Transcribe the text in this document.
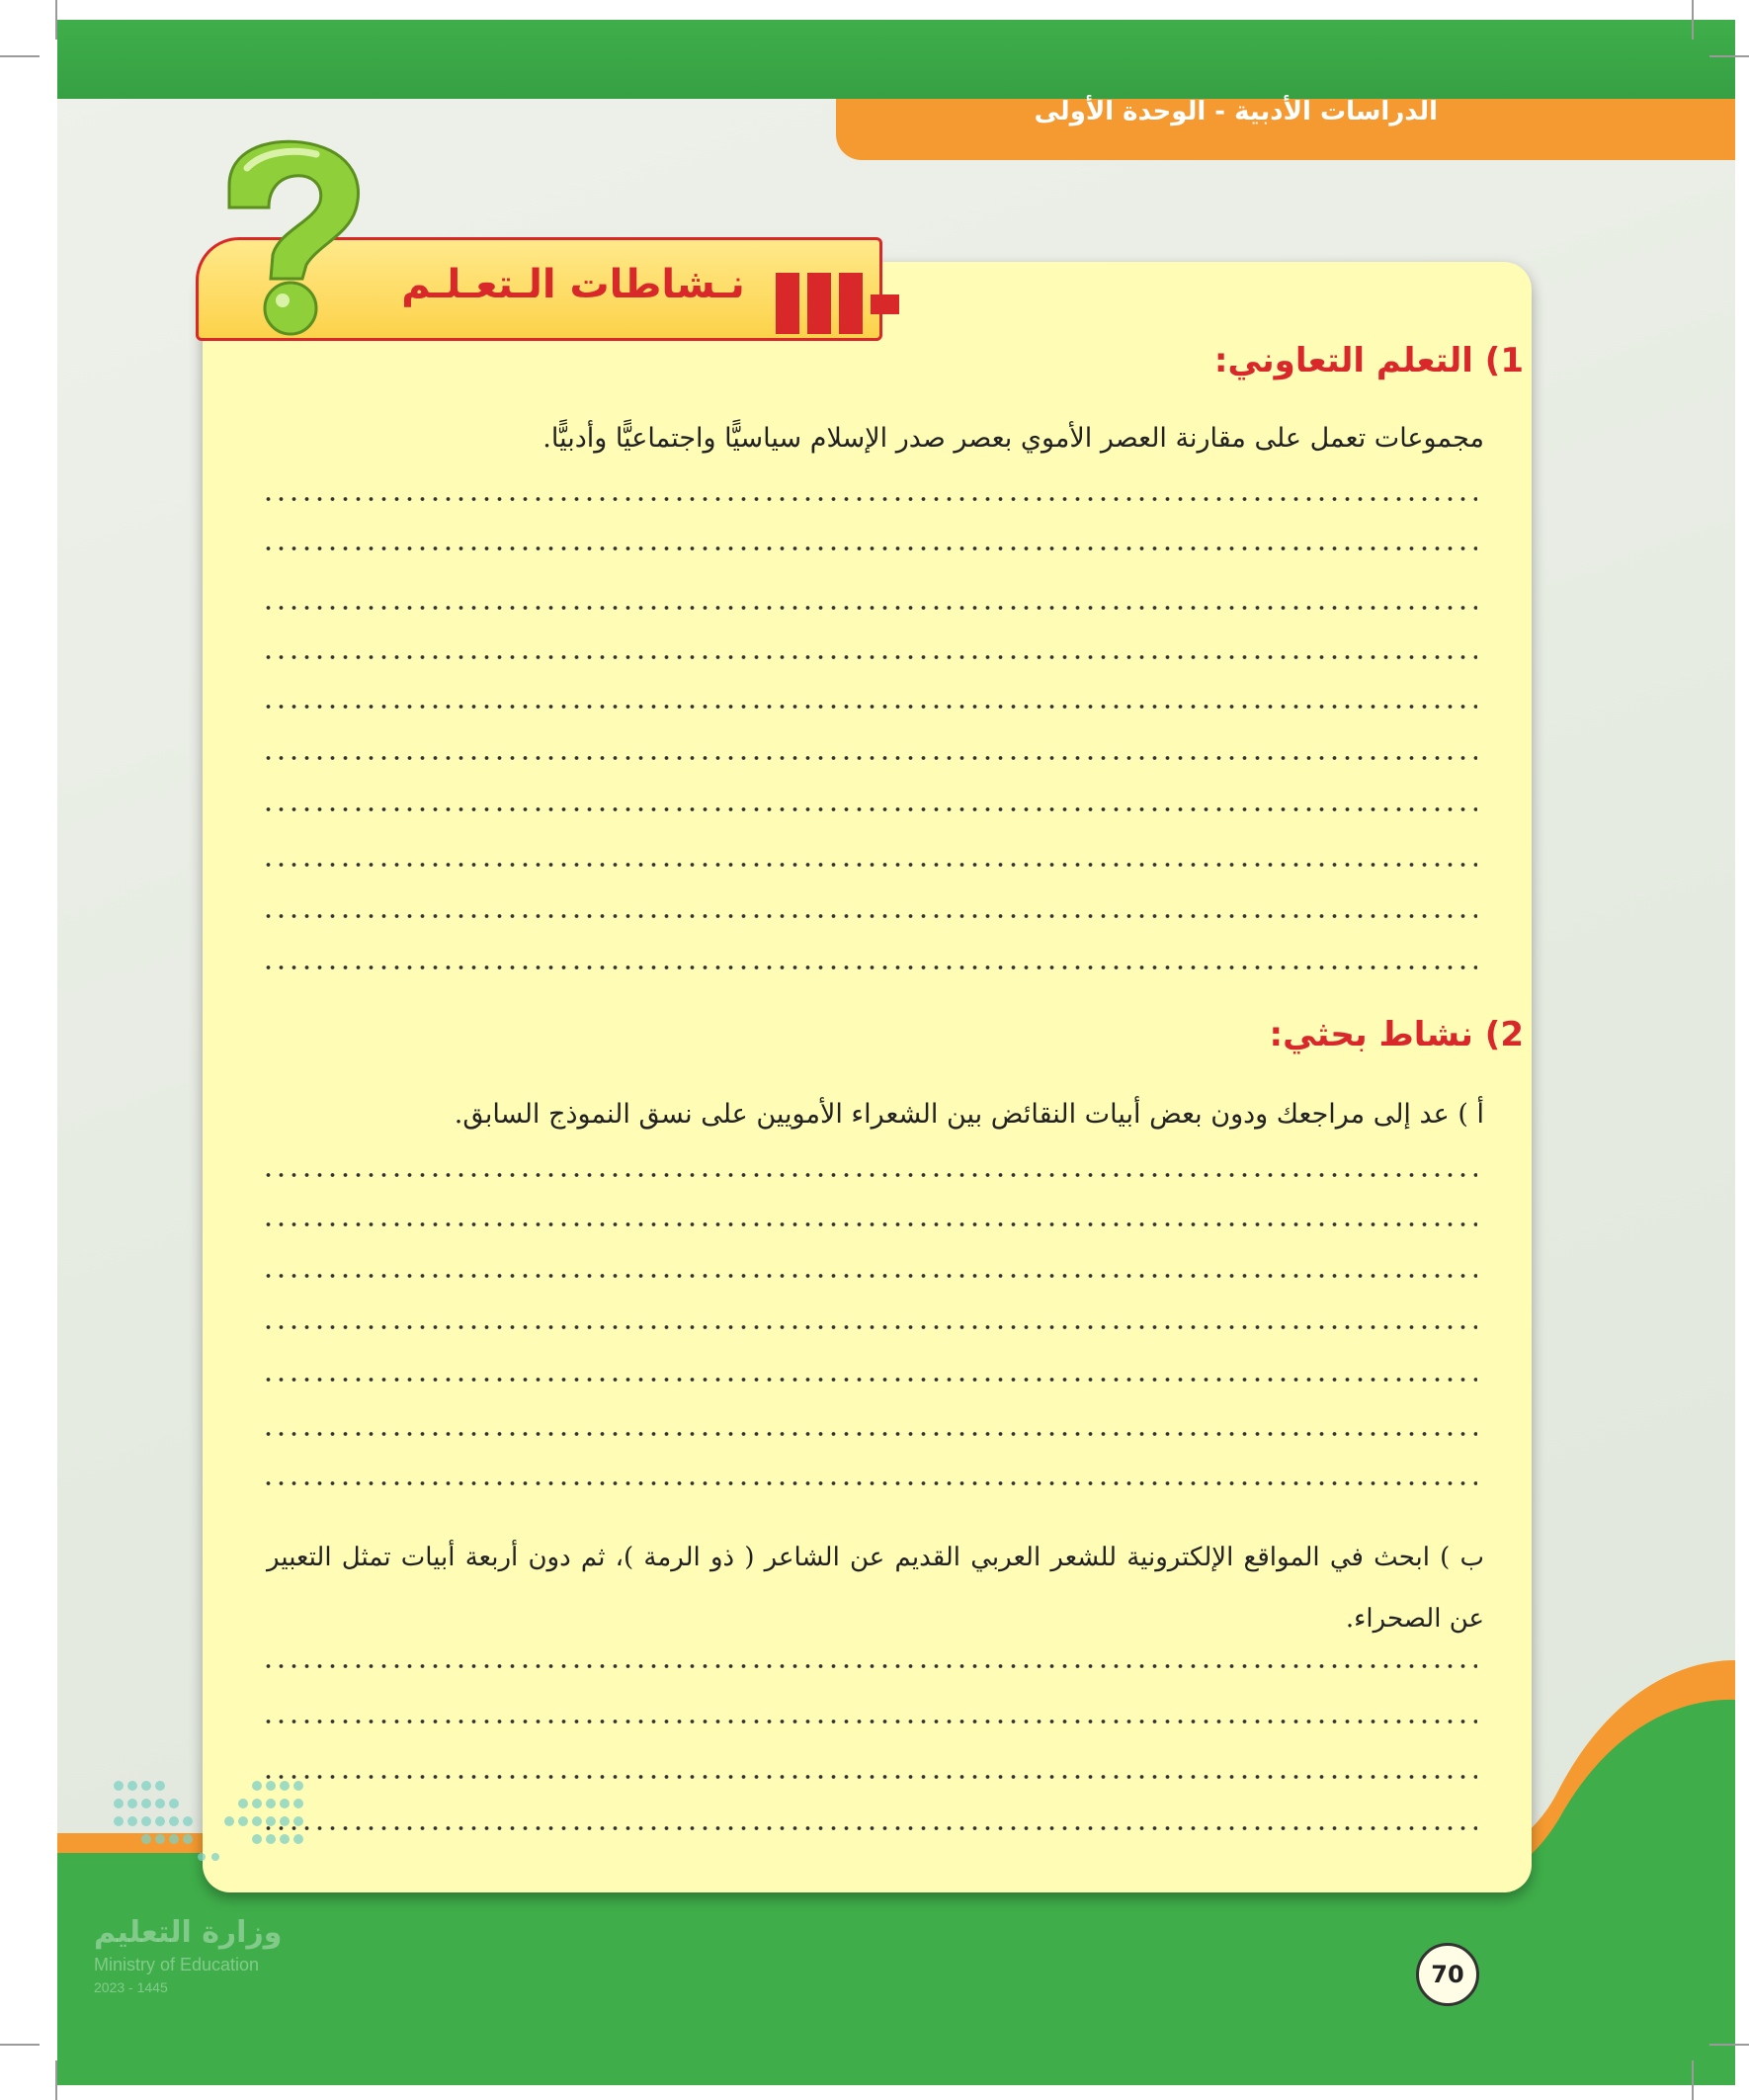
الدراسات الأدبية - الوحدة الأولى
نـشاطات الـتعـلـم
1) التعلم التعاوني:
مجموعات تعمل على مقارنة العصر الأموي بعصر صدر الإسلام سياسيًّا واجتماعيًّا وأدبيًّا.
2) نشاط بحثي:
أ ) عد إلى مراجعك ودون بعض أبيات النقائض بين الشعراء الأمويين على نسق النموذج السابق.
ب ) ابحث في المواقع الإلكترونية للشعر العربي القديم عن الشاعر ( ذو الرمة )، ثم دون أربعة أبيات تمثل التعبير عن الصحراء.
وزارة التعليم
Ministry of Education
2023 - 1445	70
